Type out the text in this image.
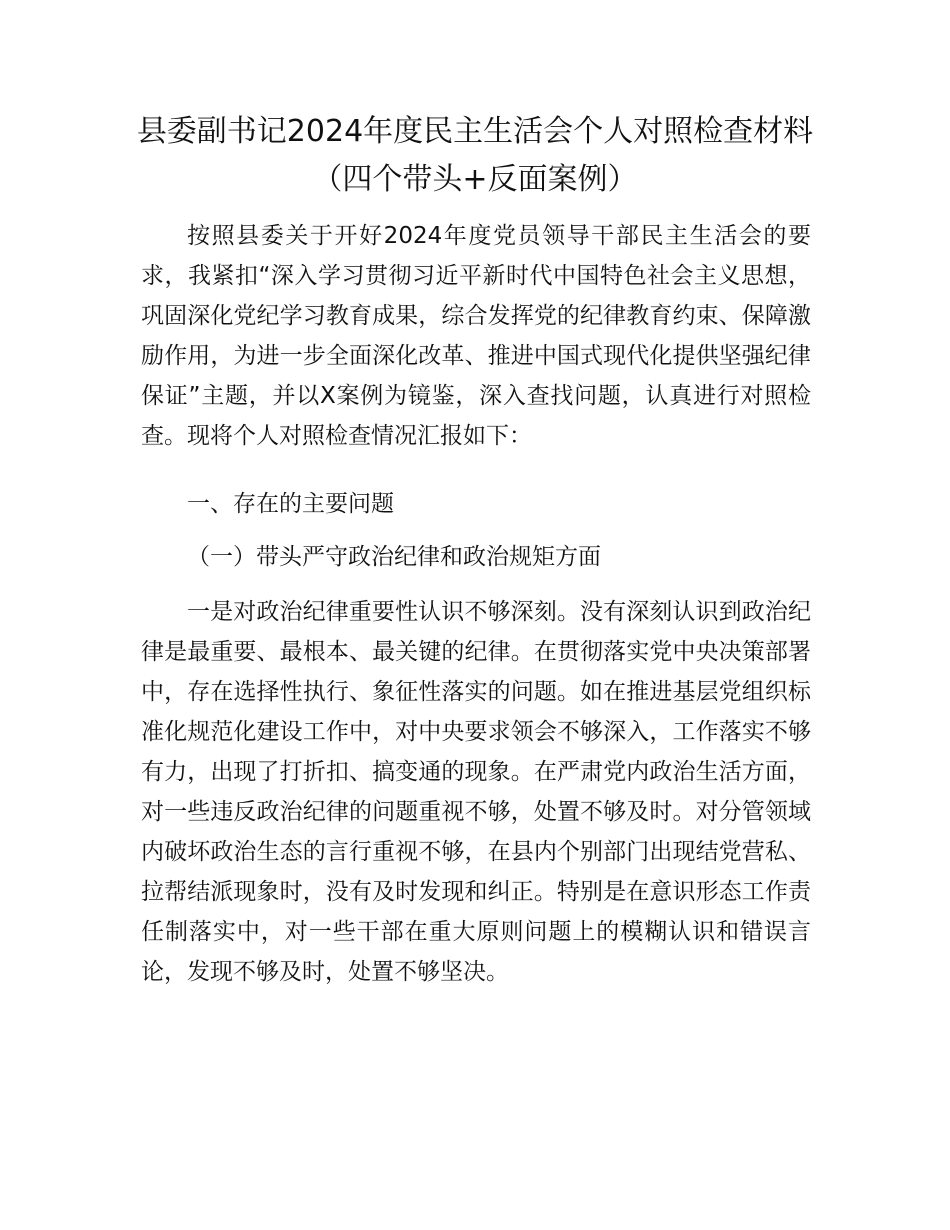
县委副书记2024年度民主生活会个人对照检查材料（四个带头+反面案例）

按照县委关于开好2024年度党员领导干部民主生活会的要求，我紧扣“深入学习贯彻习近平新时代中国特色社会主义思想，巩固深化党纪学习教育成果，综合发挥党的纪律教育约束、保障激励作用，为进一步全面深化改革、推进中国式现代化提供坚强纪律保证”主题，并以X案例为镜鉴，深入查找问题，认真进行对照检查。现将个人对照检查情况汇报如下：

一、存在的主要问题

（一）带头严守政治纪律和政治规矩方面

一是对政治纪律重要性认识不够深刻。没有深刻认识到政治纪律是最重要、最根本、最关键的纪律。在贯彻落实党中央决策部署中，存在选择性执行、象征性落实的问题。如在推进基层党组织标准化规范化建设工作中，对中央要求领会不够深入，工作落实不够有力，出现了打折扣、搞变通的现象。在严肃党内政治生活方面，对一些违反政治纪律的问题重视不够，处置不够及时。对分管领域内破坏政治生态的言行重视不够，在县内个别部门出现结党营私、拉帮结派现象时，没有及时发现和纠正。特别是在意识形态工作责任制落实中，对一些干部在重大原则问题上的模糊认识和错误言论，发现不够及时，处置不够坚决。
